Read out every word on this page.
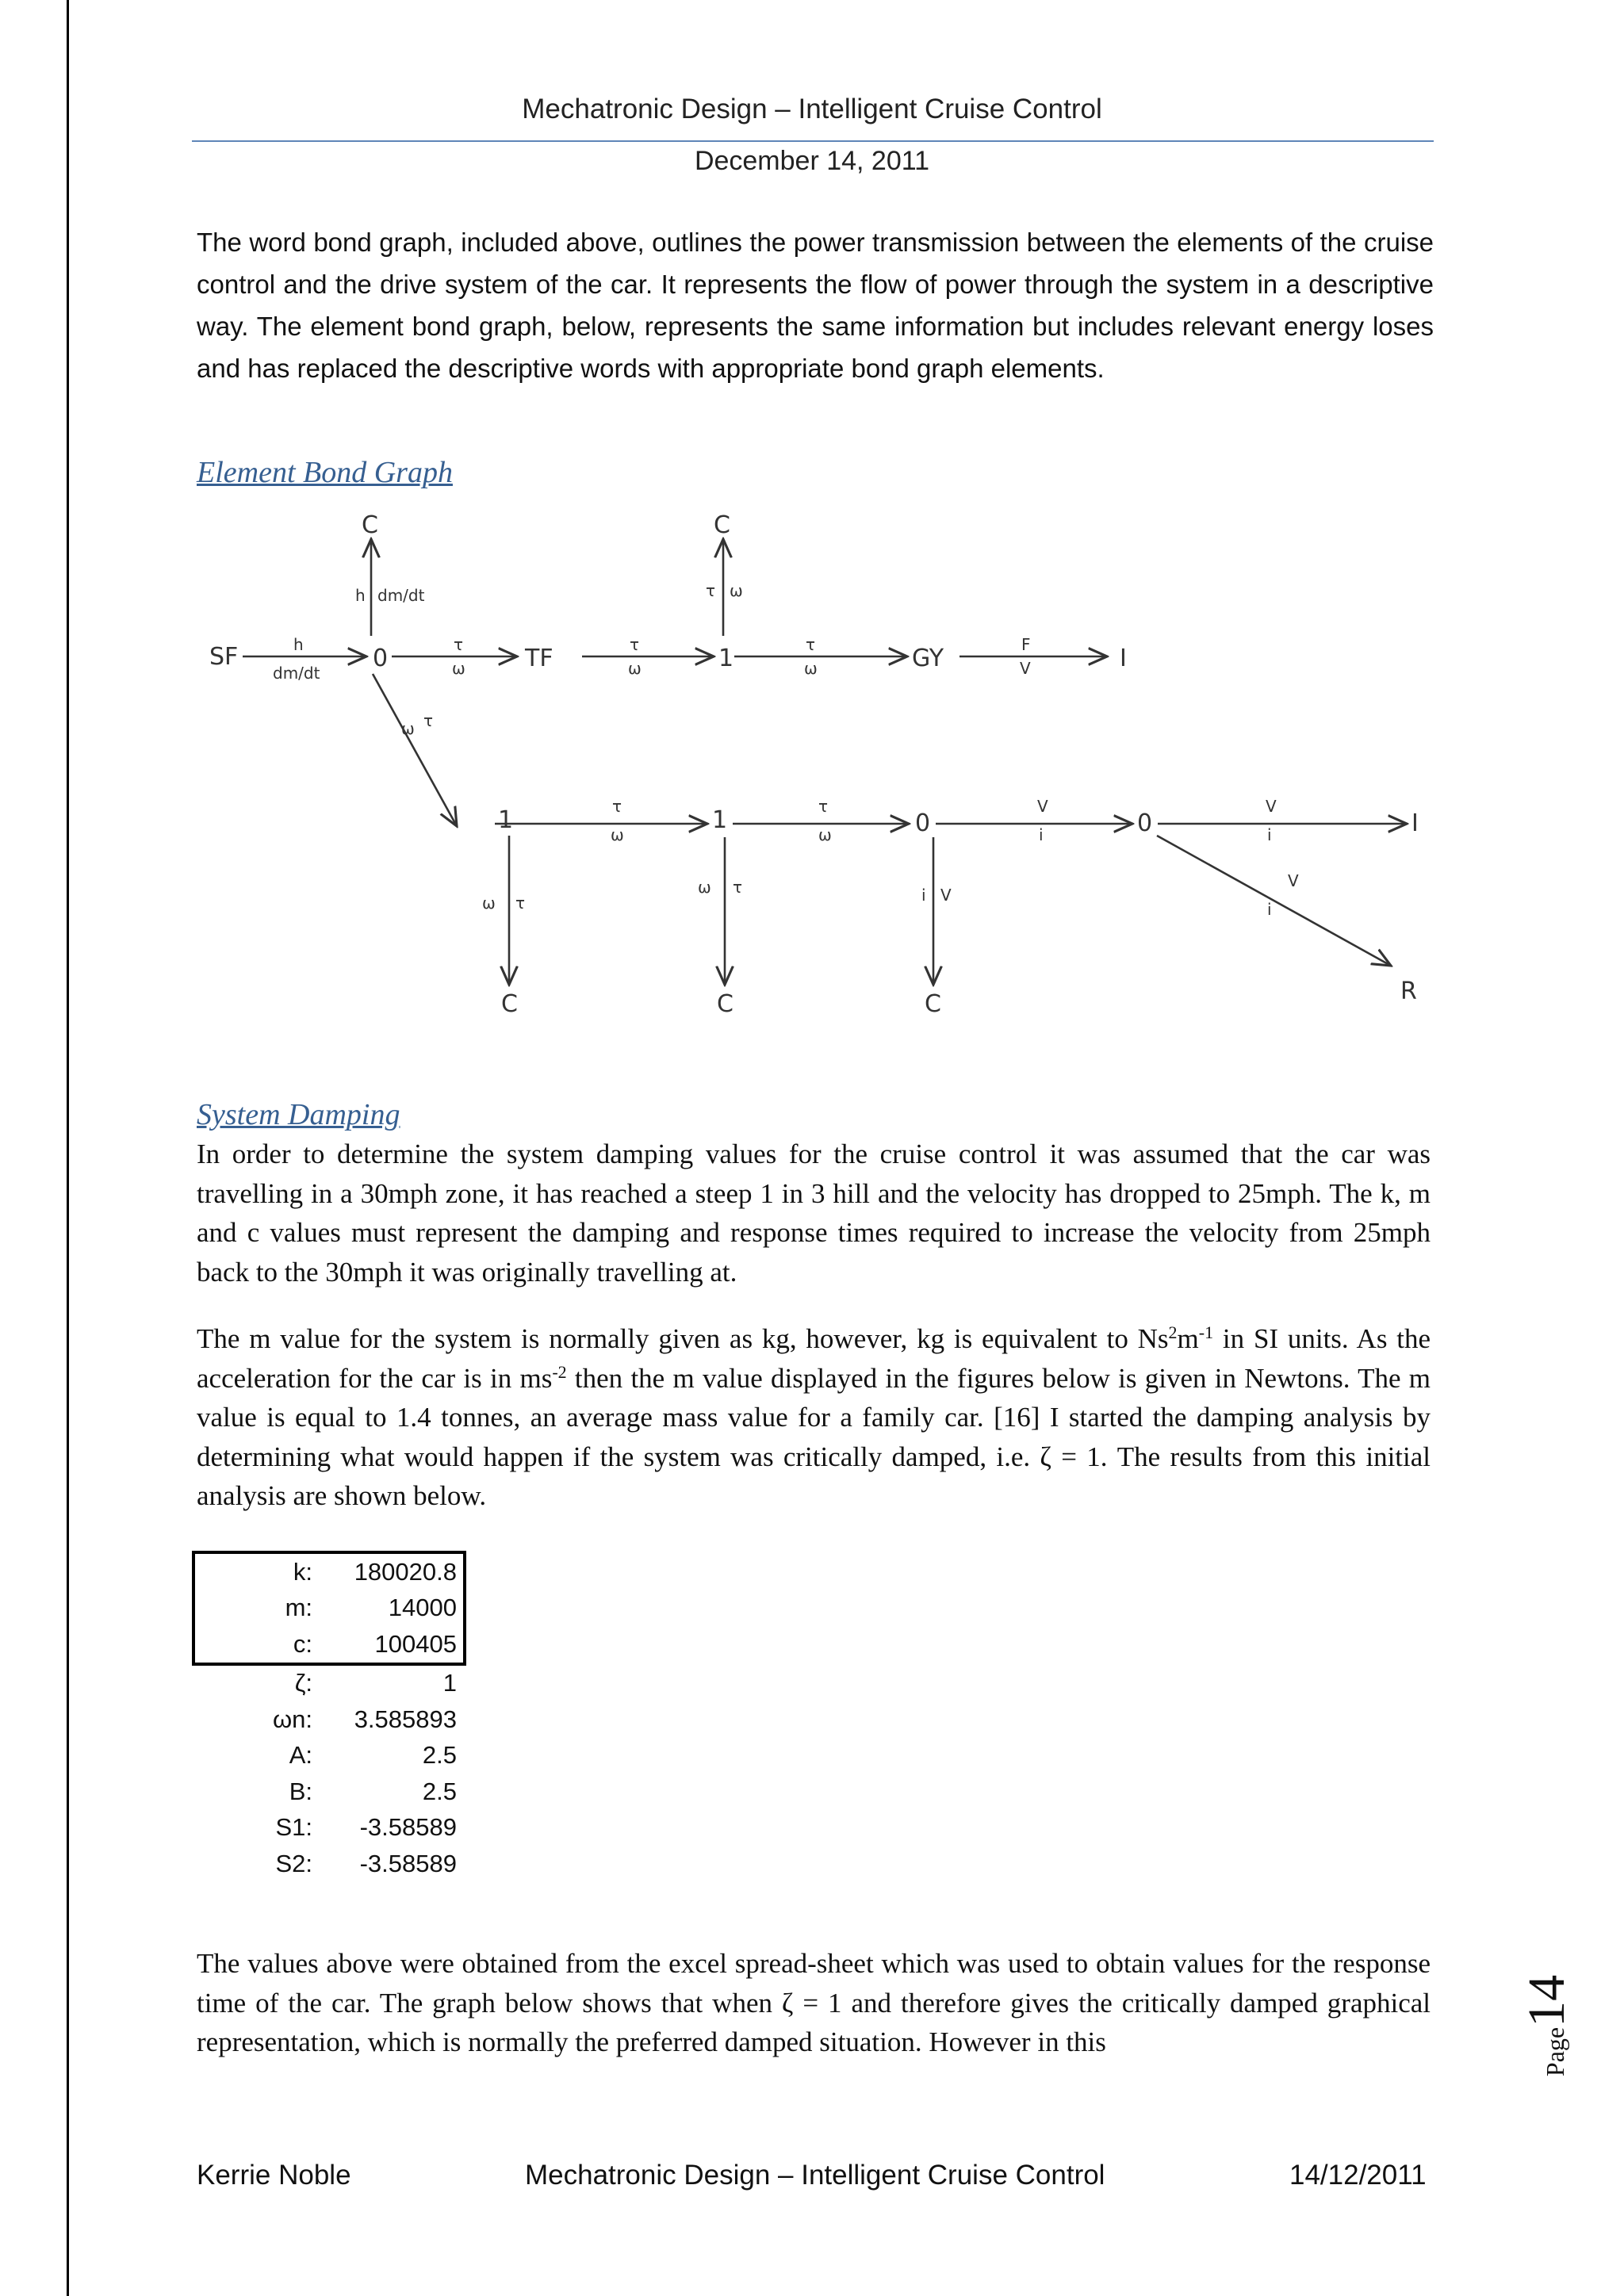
Mechatronic Design – Intelligent Cruise Control
December 14, 2011
The word bond graph, included above, outlines the power transmission between the elements of the cruise control and the drive system of the car. It represents the flow of power through the system in a descriptive way. The element bond graph, below, represents the same information but includes relevant energy loses and has replaced the descriptive words with appropriate bond graph elements.
Element Bond Graph
SF	0	TF	1	GY	I
C	C
1	1	0	0	I
C	C	C	R
h
dm/dt
h dm/dt
τ
ω
τ
ω
τ ω
τ
ω
F
V
ω τ
τ
ω
τ
ω
V
i
V
i
ω τ
ω τ	i V
V
i
System Damping
In order to determine the system damping values for the cruise control it was assumed that the car was travelling in a 30mph zone, it has reached a steep 1 in 3 hill and the velocity has dropped to 25mph. The k, m and c values must represent the damping and response times required to increase the velocity from 25mph back to the 30mph it was originally travelling at.
The m value for the system is normally given as kg, however, kg is equivalent to $Ns^2m^{-1}$ in SI units. As the acceleration for the car is in $ms^{-2}$ then the m value displayed in the figures below is given in Newtons. The m value is equal to 1.4 tonnes, an average mass value for a family car. [16] I started the damping analysis by determining what would happen if the system was critically damped, i.e. ζ = 1. The results from this initial analysis are shown below.
k:	180020.8
m:	14000
c:	100405
ζ:	1
ωn:	3.585893
A:	2.5
B:	2.5
S1:	-3.58589
S2:	-3.58589
The values above were obtained from the excel spread-sheet which was used to obtain values for the response time of the car. The graph below shows that when ζ = 1 and therefore gives the critically damped graphical representation, which is normally the preferred damped situation. However in this	Page14
Kerrie Noble	Mechatronic Design – Intelligent Cruise Control	14/12/2011
